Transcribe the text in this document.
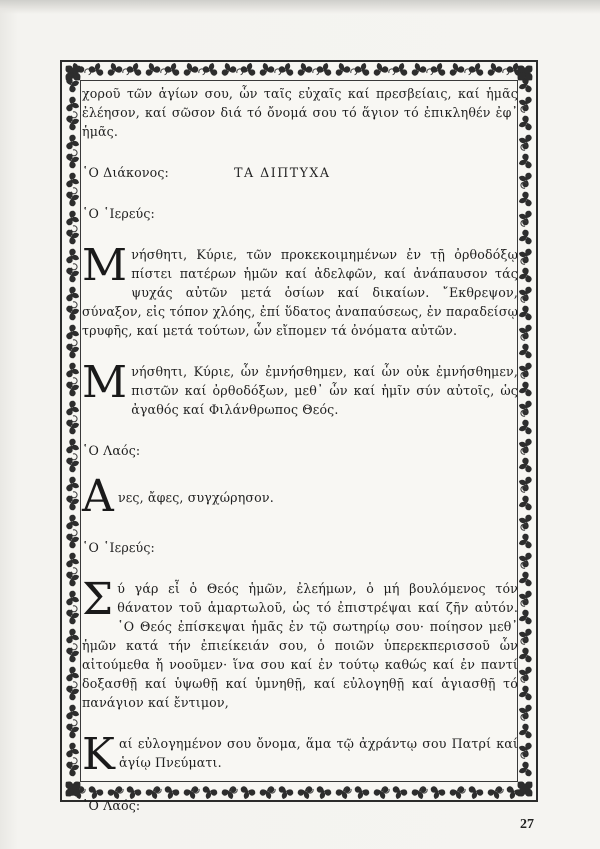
χοροῦ τῶν ἁγίων σου, ὧν ταῖς εὐχαῖς καί πρεσβείαις, καί ἡμᾶς ἐλέησον, καί σῶσον διά τό ὄνομά σου τό ἅγιον τό ἐπικληθέν ἐφ᾽ ἡμᾶς.

῾Ο Διάκονος:	ΤΑ ΔΙΠΤΥΧΑ

῾Ο ῾Ιερεύς:

Μνήσθητι, Κύριε, τῶν προκεκοιμημένων ἐν τῇ ὀρθοδόξῳ πίστει πατέρων ἡμῶν καί ἀδελφῶν, καί ἀνάπαυσον τάς ψυχάς αὐτῶν μετά ὁσίων καί δικαίων. ῎Εκθρεψον, σύναξον, εἰς τόπον χλόης, ἐπί ὕδατος ἀναπαύσεως, ἐν παραδείσῳ τρυφῆς, καί μετά τούτων, ὧν εἴπομεν τά ὀνόματα αὐτῶν.

Μνήσθητι, Κύριε, ὧν ἐμνήσθημεν, καί ὧν οὐκ ἐμνήσθημεν, πιστῶν καί ὀρθοδόξων, μεθ᾽ ὧν καί ἡμῖν σύν αὐτοῖς, ὡς ἀγαθός καί Φιλάνθρωπος Θεός.

῾Ο Λαός:

Α νες, ἄφες, συγχώρησον.

῾Ο ῾Ιερεύς:

Σύ γάρ εἶ ὁ Θεός ἡμῶν, ἐλεήμων, ὁ μή βουλόμενος τόν θάνατον τοῦ ἁμαρτωλοῦ, ὡς τό ἐπιστρέψαι καί ζῆν αὐτόν. ῾Ο Θεός ἐπίσκεψαι ἡμᾶς ἐν τῷ σωτηρίῳ σου· ποίησον μεθ᾽ ἡμῶν κατά τήν ἐπιείκειάν σου, ὁ ποιῶν ὑπερεκπερισσοῦ ὧν αἰτούμεθα ἤ νοοῦμεν· ἵνα σου καί ἐν τούτῳ καθώς καί ἐν παντί δοξασθῇ καί ὑψωθῇ καί ὑμνηθῇ, καί εὐλογηθῇ καί ἁγιασθῇ τό πανάγιον καί ἔντιμον,

Καί εὐλογημένον σου ὄνομα, ἅμα τῷ ἀχράντῳ σου Πατρί καί ἁγίῳ Πνεύματι.

῾Ο Λαός:

27
